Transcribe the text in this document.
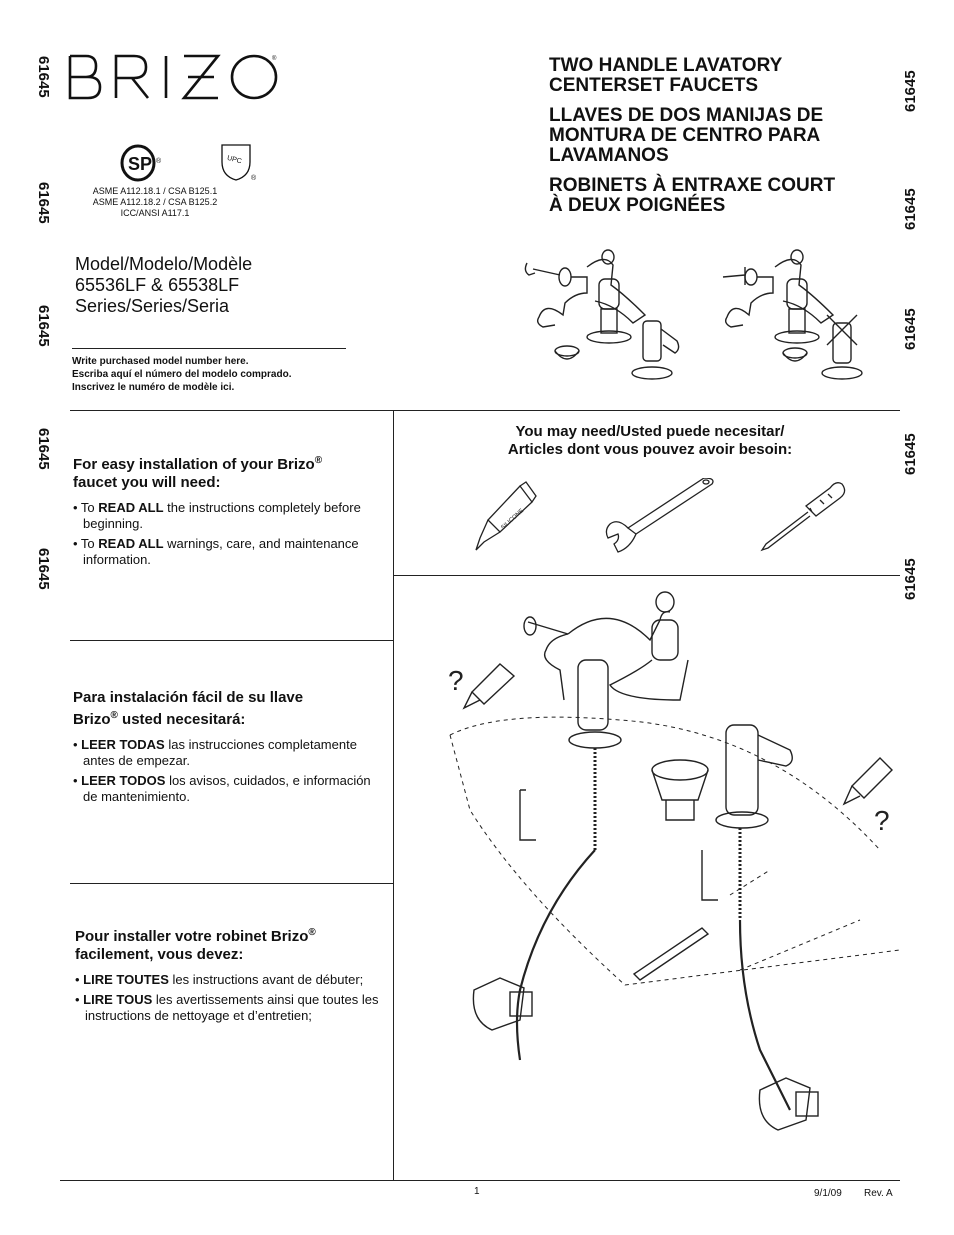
61645
61645
61645
61645
61645
61645
61645
61645
61645
61645
®
SP ®	UPC
®
ASME A112.18.1 / CSA B125.1
ASME A112.18.2 / CSA B125.2
ICC/ANSI A117.1
Model/Modelo/Modèle
65536LF & 65538LF
Series/Series/Seria
Write purchased model number here.
Escriba aquí el número del modelo comprado.
Inscrivez le numéro de modèle ici.
TWO HANDLE LAVATORY
CENTERSET FAUCETS
LLAVES DE DOS MANIJAS DE
MONTURA DE CENTRO PARA
LAVAMANOS
ROBINETS À ENTRAXE COURT
À DEUX POIGNÉES
For easy installation of your Brizo®
faucet you will need:
• To READ ALL the instructions completely before beginning.
• To READ ALL warnings, care, and maintenance information.
Para instalación fácil de su llave
Brizo® usted necesitará:
• LEER TODAS las instrucciones completamente antes de empezar.
• LEER TODOS los avisos, cuidados, e información de mantenimiento.
Pour installer votre robinet Brizo®
facilement, vous devez:
• LIRE TOUTES les instructions avant de débuter;
• LIRE TOUS les avertissements ainsi que toutes les instructions de nettoyage et d’entretien;
You may need/Usted puede necesitar/
Articles dont vous pouvez avoir besoin:
SILICONE
?
?
1	9/1/09 Rev. A
